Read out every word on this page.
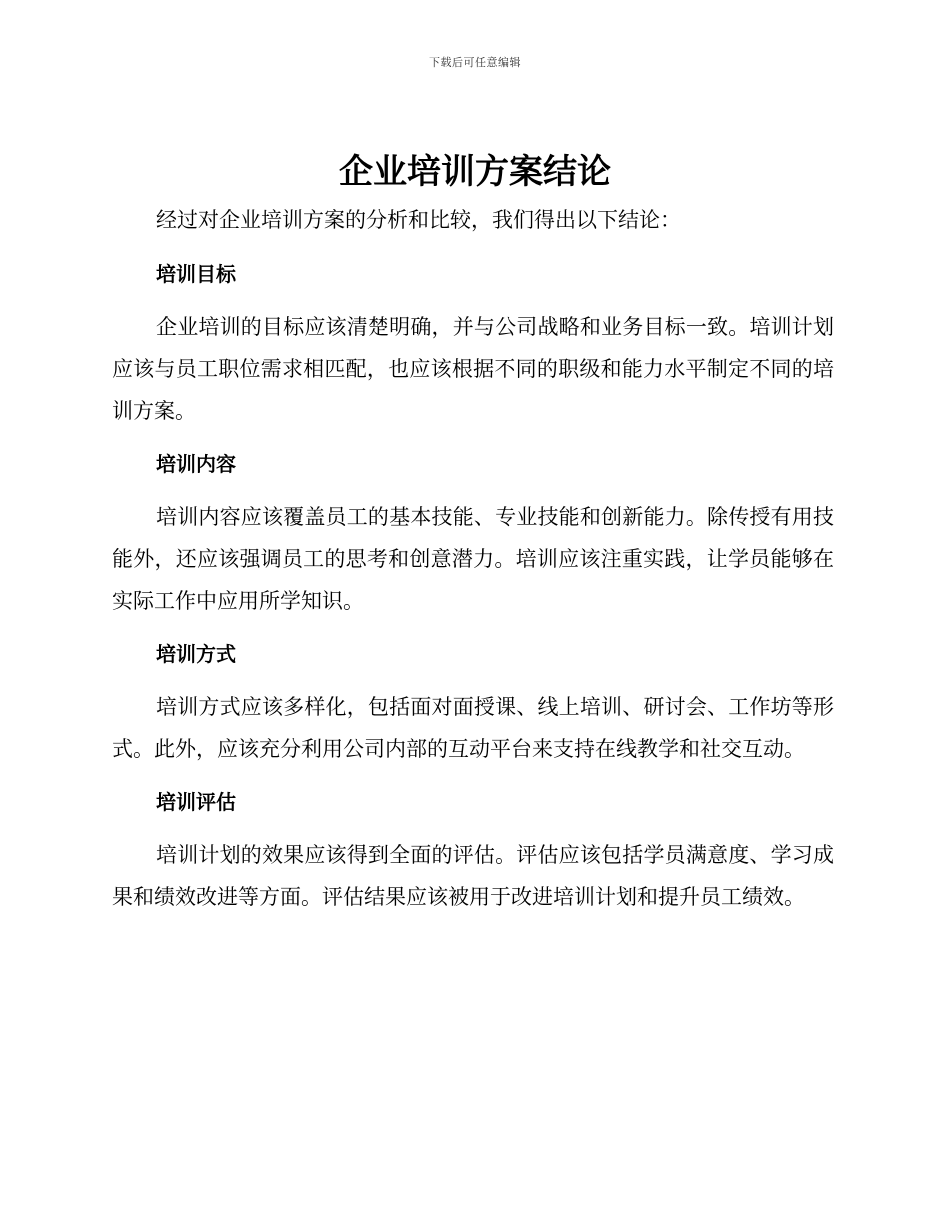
下载后可任意编辑
企业培训方案结论

经过对企业培训方案的分析和比较，我们得出以下结论：

培训目标

企业培训的目标应该清楚明确，并与公司战略和业务目标一致。培训计划应该与员工职位需求相匹配，也应该根据不同的职级和能力水平制定不同的培训方案。

培训内容

培训内容应该覆盖员工的基本技能、专业技能和创新能力。除传授有用技能外，还应该强调员工的思考和创意潜力。培训应该注重实践，让学员能够在实际工作中应用所学知识。

培训方式

培训方式应该多样化，包括面对面授课、线上培训、研讨会、工作坊等形式。此外，应该充分利用公司内部的互动平台来支持在线教学和社交互动。

培训评估

培训计划的效果应该得到全面的评估。评估应该包括学员满意度、学习成果和绩效改进等方面。评估结果应该被用于改进培训计划和提升员工绩效。
